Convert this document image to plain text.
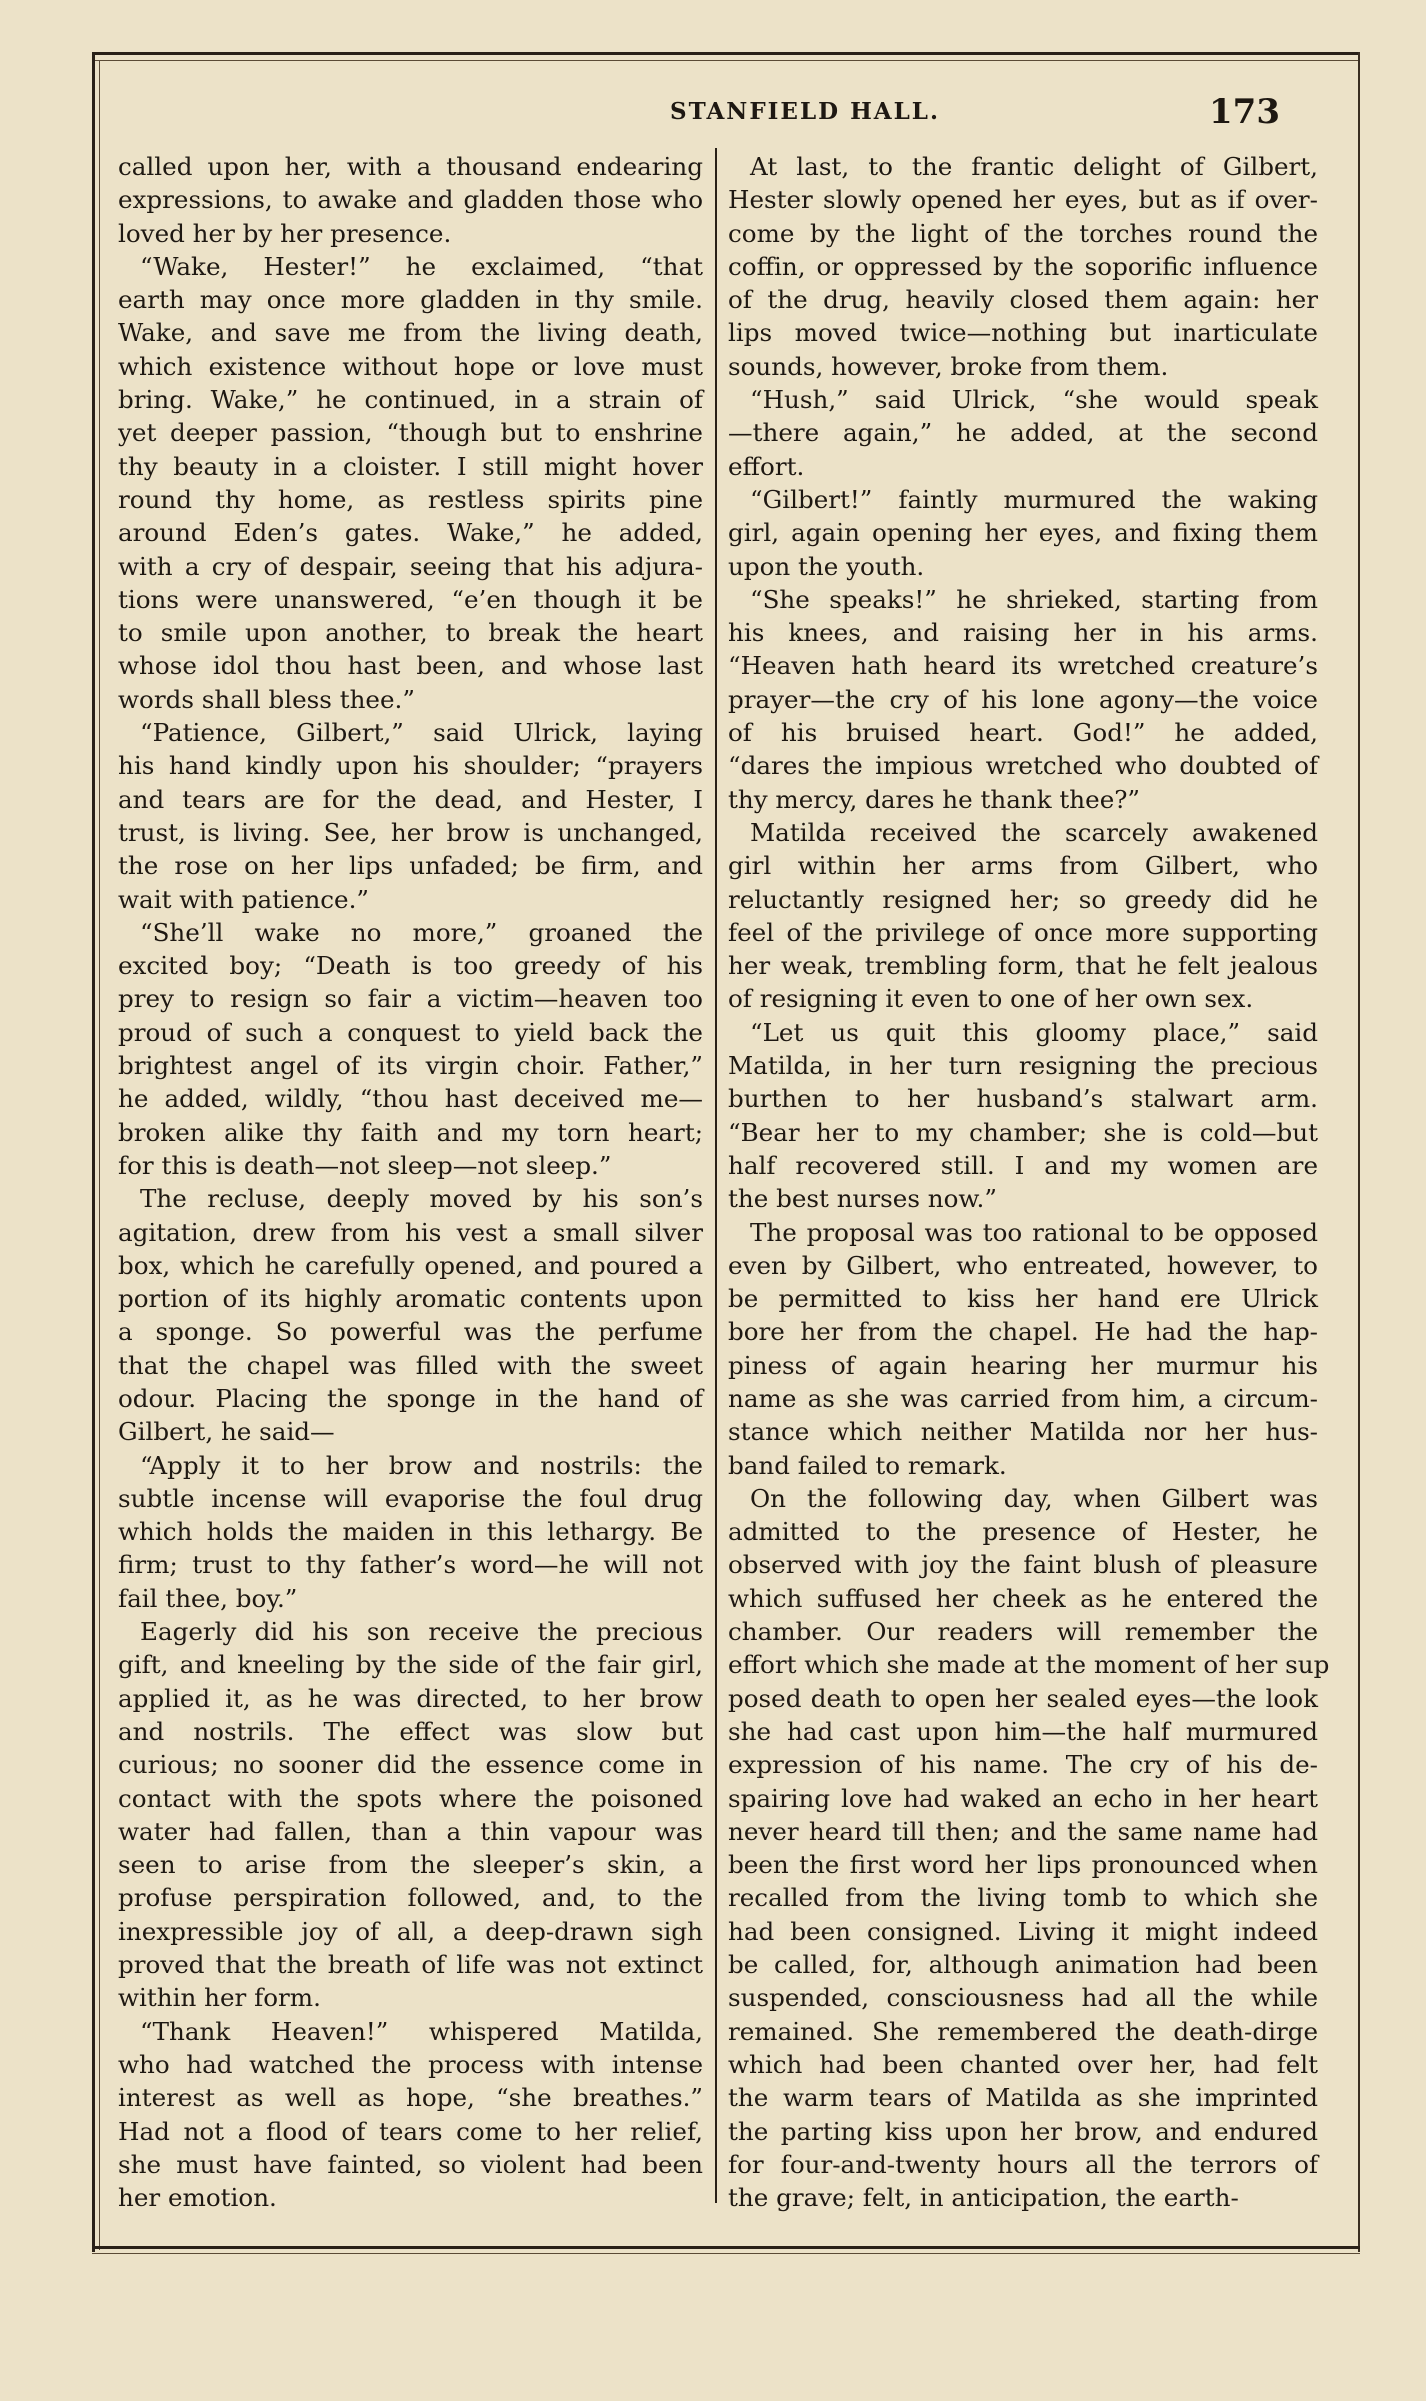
STANFIELD HALL.	173
called upon her, with a thousand endearing
expressions, to awake and gladden those who
loved her by her presence.
“Wake, Hester!” he exclaimed, “that
earth may once more gladden in thy smile.
Wake, and save me from the living death,
which existence without hope or love must
bring. Wake,” he continued, in a strain of
yet deeper passion, “though but to enshrine
thy beauty in a cloister. I still might hover
round thy home, as restless spirits pine
around Eden’s gates. Wake,” he added,
with a cry of despair, seeing that his adjura-
tions were unanswered, “e’en though it be
to smile upon another, to break the heart
whose idol thou hast been, and whose last
words shall bless thee.”
“Patience, Gilbert,” said Ulrick, laying
his hand kindly upon his shoulder; “prayers
and tears are for the dead, and Hester, I
trust, is living. See, her brow is unchanged,
the rose on her lips unfaded; be firm, and
wait with patience.”
“She’ll wake no more,” groaned the
excited boy; “Death is too greedy of his
prey to resign so fair a victim—heaven too
proud of such a conquest to yield back the
brightest angel of its virgin choir. Father,”
he added, wildly, “thou hast deceived me—
broken alike thy faith and my torn heart;
for this is death—not sleep—not sleep.”
The recluse, deeply moved by his son’s
agitation, drew from his vest a small silver
box, which he carefully opened, and poured a
portion of its highly aromatic contents upon
a sponge. So powerful was the perfume
that the chapel was filled with the sweet
odour. Placing the sponge in the hand of
Gilbert, he said—
“Apply it to her brow and nostrils: the
subtle incense will evaporise the foul drug
which holds the maiden in this lethargy. Be
firm; trust to thy father’s word—he will not
fail thee, boy.”
Eagerly did his son receive the precious
gift, and kneeling by the side of the fair girl,
applied it, as he was directed, to her brow
and nostrils. The effect was slow but
curious; no sooner did the essence come in
contact with the spots where the poisoned
water had fallen, than a thin vapour was
seen to arise from the sleeper’s skin, a
profuse perspiration followed, and, to the
inexpressible joy of all, a deep-drawn sigh
proved that the breath of life was not extinct
within her form.
“Thank Heaven!” whispered Matilda,
who had watched the process with intense
interest as well as hope, “she breathes.”
Had not a flood of tears come to her relief,
she must have fainted, so violent had been
her emotion.
At last, to the frantic delight of Gilbert,
Hester slowly opened her eyes, but as if over-
come by the light of the torches round the
coffin, or oppressed by the soporific influence
of the drug, heavily closed them again: her
lips moved twice—nothing but inarticulate
sounds, however, broke from them.
“Hush,” said Ulrick, “she would speak
—there again,” he added, at the second
effort.
“Gilbert!” faintly murmured the waking
girl, again opening her eyes, and fixing them
upon the youth.
“She speaks!” he shrieked, starting from
his knees, and raising her in his arms.
“Heaven hath heard its wretched creature’s
prayer—the cry of his lone agony—the voice
of his bruised heart. God!” he added,
“dares the impious wretched who doubted of
thy mercy, dares he thank thee?”
Matilda received the scarcely awakened
girl within her arms from Gilbert, who
reluctantly resigned her; so greedy did he
feel of the privilege of once more supporting
her weak, trembling form, that he felt jealous
of resigning it even to one of her own sex.
“Let us quit this gloomy place,” said
Matilda, in her turn resigning the precious
burthen to her husband’s stalwart arm.
“Bear her to my chamber; she is cold—but
half recovered still. I and my women are
the best nurses now.”
The proposal was too rational to be opposed
even by Gilbert, who entreated, however, to
be permitted to kiss her hand ere Ulrick
bore her from the chapel. He had the hap-
piness of again hearing her murmur his
name as she was carried from him, a circum-
stance which neither Matilda nor her hus-
band failed to remark.
On the following day, when Gilbert was
admitted to the presence of Hester, he
observed with joy the faint blush of pleasure
which suffused her cheek as he entered the
chamber. Our readers will remember the
effort which she made at the moment of her sup
posed death to open her sealed eyes—the look
she had cast upon him—the half murmured
expression of his name. The cry of his de-
spairing love had waked an echo in her heart
never heard till then; and the same name had
been the first word her lips pronounced when
recalled from the living tomb to which she
had been consigned. Living it might indeed
be called, for, although animation had been
suspended, consciousness had all the while
remained. She remembered the death-dirge
which had been chanted over her, had felt
the warm tears of Matilda as she imprinted
the parting kiss upon her brow, and endured
for four-and-twenty hours all the terrors of
the grave; felt, in anticipation, the earth-
